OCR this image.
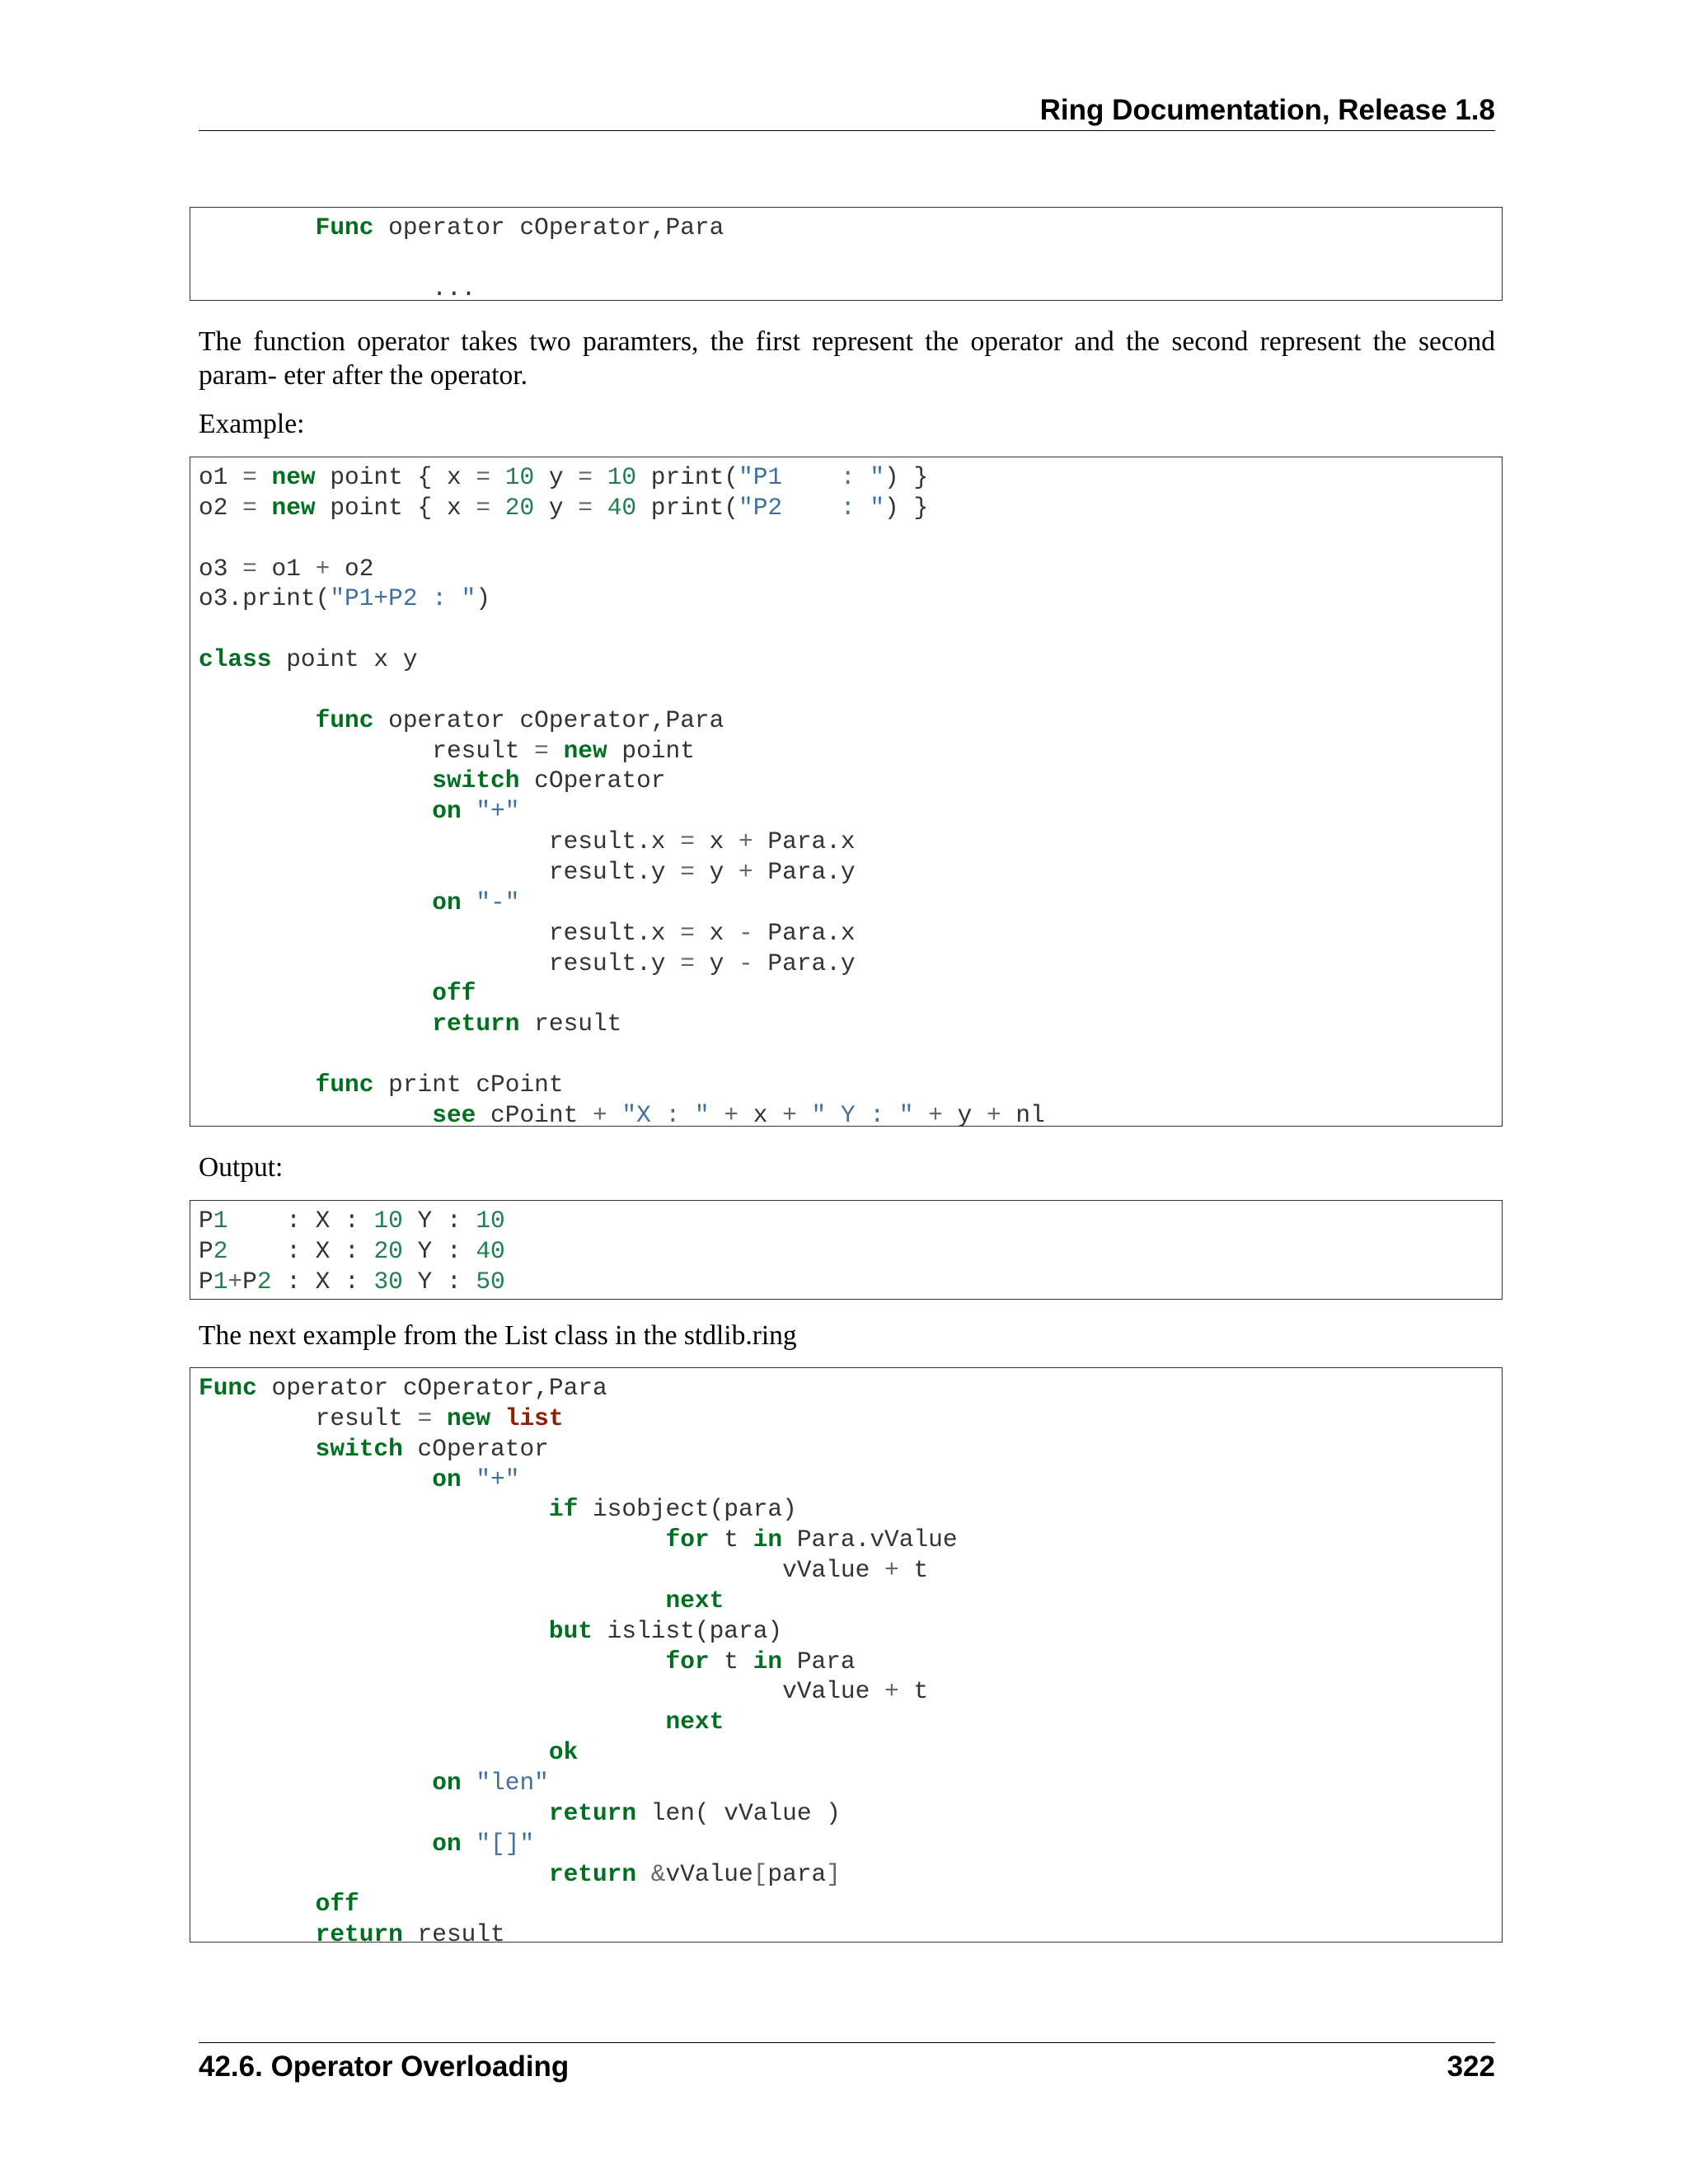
Ring Documentation, Release 1.8
Func operator cOperator,Para

...

The function operator takes two paramters, the first represent the operator and the second represent the second param- eter after the operator.

Example:

o1 = new point { x = 10 y = 10 print("P1    : ") }
o2 = new point { x = 20 y = 40 print("P2    : ") }

o3 = o1 + o2
o3.print("P1+P2 : ")

class point x y

func operator cOperator,Para
result = new point
switch cOperator
on "+"
result.x = x + Para.x
result.y = y + Para.y
on "-"
result.x = x - Para.x
result.y = y - Para.y
off
return result

func print cPoint
see cPoint + "X : " + x + " Y : " + y + nl

Output:

P1    : X : 10 Y : 10
P2    : X : 20 Y : 40
P1+P2 : X : 30 Y : 50

The next example from the List class in the stdlib.ring

Func operator cOperator,Para
result = new list
switch cOperator
on "+"
if isobject(para)
for t in Para.vValue
vValue + t
next
but islist(para)
for t in Para
vValue + t
next
ok
on "len"
return len( vValue )
on "[]"
return &vValue[para]
off
return result
42.6. Operator Overloading	322
